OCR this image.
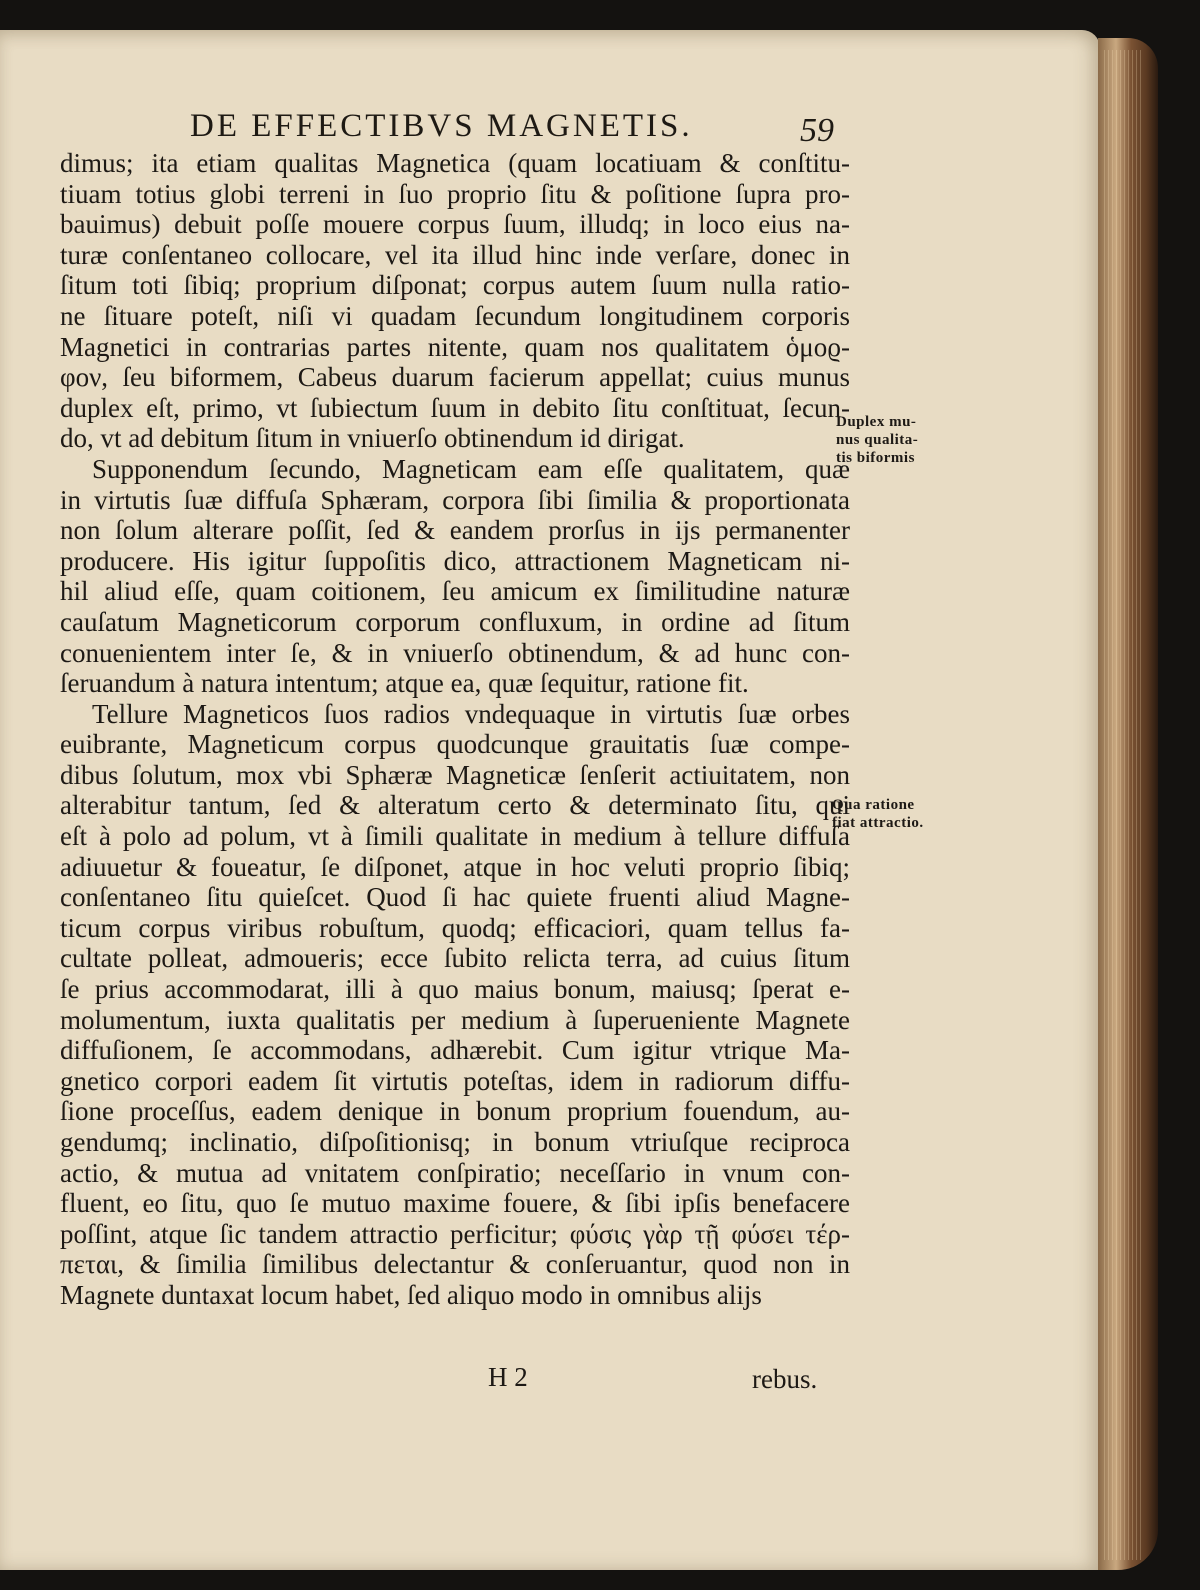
DE EFFECTIBVS MAGNETIS.	59
dimus; ita etiam qualitas Magnetica (quam locatiuam & conſtitu-
tiuam totius globi terreni in ſuo proprio ſitu & poſitione ſupra pro-
bauimus) debuit poſſe mouere corpus ſuum, illudq; in loco eius na-
turæ conſentaneo collocare, vel ita illud hinc inde verſare, donec in
ſitum toti ſibiq; proprium diſponat; corpus autem ſuum nulla ratio-
ne ſituare poteſt, niſi vi quadam ſecundum longitudinem corporis
Magnetici in contrarias partes nitente, quam nos qualitatem ὁμοϱ-
φον, ſeu biformem, Cabeus duarum facierum appellat; cuius munus
duplex eſt, primo, vt ſubiectum ſuum in debito ſitu conſtituat, ſecun-
do, vt ad debitum ſitum in vniuerſo obtinendum id dirigat.
Supponendum ſecundo, Magneticam eam eſſe qualitatem, quæ
in virtutis ſuæ diffuſa Sphæram, corpora ſibi ſimilia & proportionata
non ſolum alterare poſſit, ſed & eandem prorſus in ijs permanenter
producere. His igitur ſuppoſitis dico, attractionem Magneticam ni-
hil aliud eſſe, quam coitionem, ſeu amicum ex ſimilitudine naturæ
cauſatum Magneticorum corporum confluxum, in ordine ad ſitum
conuenientem inter ſe, & in vniuerſo obtinendum, & ad hunc con-
ſeruandum à natura intentum; atque ea, quæ ſequitur, ratione fit.
Tellure Magneticos ſuos radios vndequaque in virtutis ſuæ orbes
euibrante, Magneticum corpus quodcunque grauitatis ſuæ compe-
dibus ſolutum, mox vbi Sphæræ Magneticæ ſenſerit actiuitatem, non
alterabitur tantum, ſed & alteratum certo & determinato ſitu, qui
eſt à polo ad polum, vt à ſimili qualitate in medium à tellure diffuſa
adiuuetur & foueatur, ſe diſponet, atque in hoc veluti proprio ſibiq;
conſentaneo ſitu quieſcet. Quod ſi hac quiete fruenti aliud Magne-
ticum corpus viribus robuſtum, quodq; efficaciori, quam tellus fa-
cultate polleat, admoueris; ecce ſubito relicta terra, ad cuius ſitum
ſe prius accommodarat, illi à quo maius bonum, maiusq; ſperat e-
molumentum, iuxta qualitatis per medium à ſuperueniente Magnete
diffuſionem, ſe accommodans, adhærebit. Cum igitur vtrique Ma-
gnetico corpori eadem ſit virtutis poteſtas, idem in radiorum diffu-
ſione proceſſus, eadem denique in bonum proprium fouendum, au-
gendumq; inclinatio, diſpoſitionisq; in bonum vtriuſque reciproca
actio, & mutua ad vnitatem conſpiratio; neceſſario in vnum con-
fluent, eo ſitu, quo ſe mutuo maxime fouere, & ſibi ipſis benefacere
poſſint, atque ſic tandem attractio perficitur; φύσις γὰρ τῇ φύσει τέρ-
πεται, & ſimilia ſimilibus delectantur & conſeruantur, quod non in
Magnete duntaxat locum habet, ſed aliquo modo in omnibus alijs
Duplex mu-
nus qualita-
tis biformis
Qua ratione
fiat attractio.
H 2	rebus.
